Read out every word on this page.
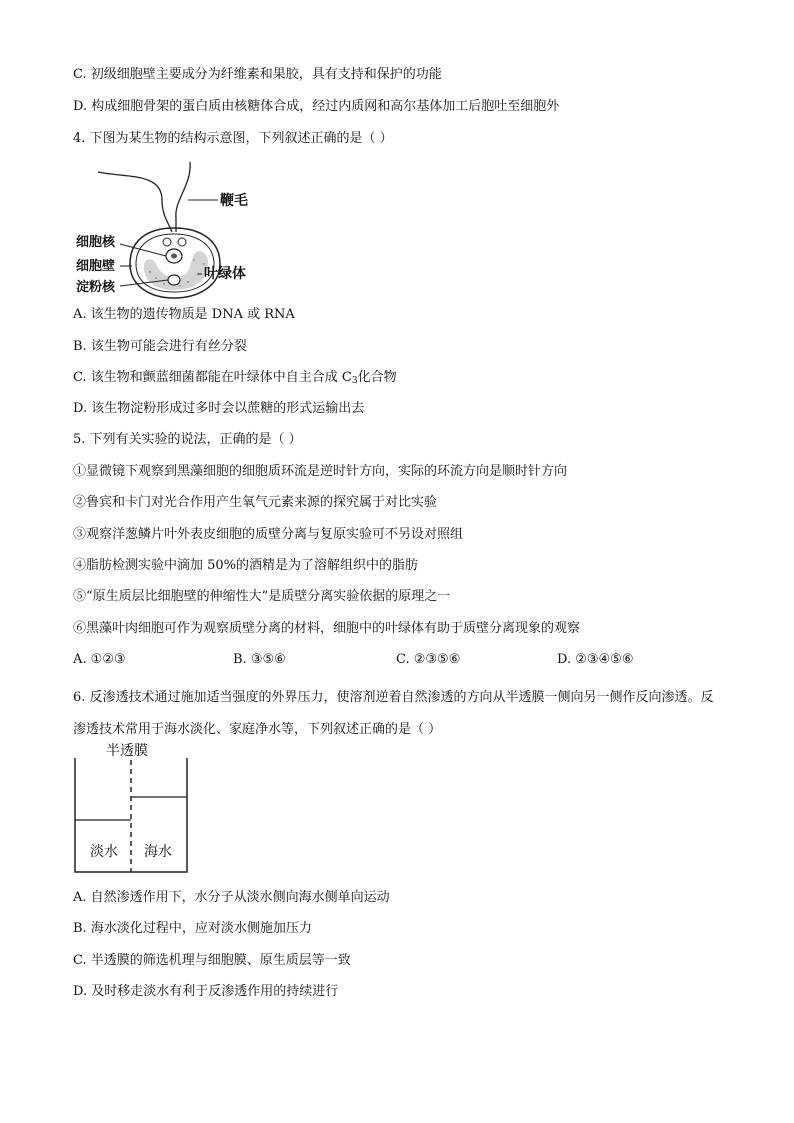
C. 初级细胞壁主要成分为纤维素和果胶，具有支持和保护的功能
D. 构成细胞骨架的蛋白质由核糖体合成，经过内质网和高尔基体加工后胞吐至细胞外
4. 下图为某生物的结构示意图，下列叙述正确的是（ ）
鞭毛
细胞核
细胞壁
淀粉核
叶绿体
A. 该生物的遗传物质是 DNA 或 RNA
B. 该生物可能会进行有丝分裂
C. 该生物和颤蓝细菌都能在叶绿体中自主合成 $C_3$化合物
D. 该生物淀粉形成过多时会以蔗糖的形式运输出去
5. 下列有关实验的说法，正确的是（ ）
①显微镜下观察到黑藻细胞的细胞质环流是逆时针方向，实际的环流方向是顺时针方向
②鲁宾和卡门对光合作用产生氧气元素来源的探究属于对比实验
③观察洋葱鳞片叶外表皮细胞的质壁分离与复原实验可不另设对照组
④脂肪检测实验中滴加 50%的酒精是为了溶解组织中的脂肪
⑤“原生质层比细胞壁的伸缩性大”是质壁分离实验依据的原理之一
⑥黑藻叶肉细胞可作为观察质壁分离的材料，细胞中的叶绿体有助于质壁分离现象的观察
A. ①②③	B. ③⑤⑥	C. ②③⑤⑥	D. ②③④⑤⑥
6. 反渗透技术通过施加适当强度的外界压力，使溶剂逆着自然渗透的方向从半透膜一侧向另一侧作反向渗透。反渗透技术常用于海水淡化、家庭净水等，下列叙述正确的是（ ）
半透膜
淡水 海水
A. 自然渗透作用下，水分子从淡水侧向海水侧单向运动
B. 海水淡化过程中，应对淡水侧施加压力
C. 半透膜的筛选机理与细胞膜、原生质层等一致
D. 及时移走淡水有利于反渗透作用的持续进行
